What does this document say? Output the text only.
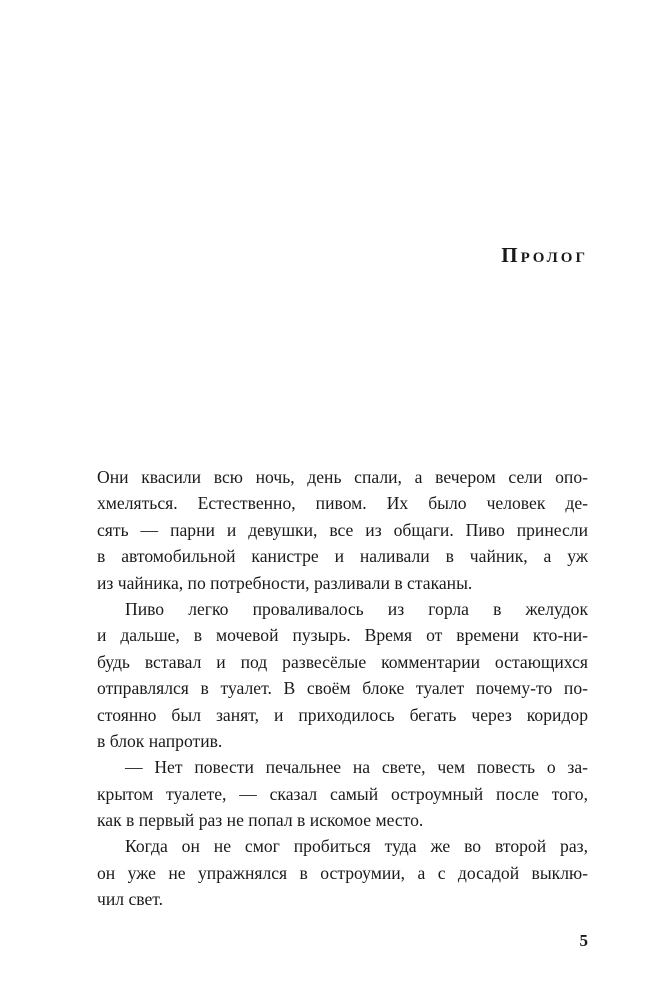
Пролог
Они квасили всю ночь, день спали, а вечером сели опо-
хмеляться. Естественно, пивом. Их было человек де-
сять — парни и девушки, все из общаги. Пиво принесли
в автомобильной канистре и наливали в чайник, а уж
из чайника, по потребности, разливали в стаканы.
Пиво легко проваливалось из горла в желудок
и дальше, в мочевой пузырь. Время от времени кто-ни-
будь вставал и под развесёлые комментарии остающихся
отправлялся в туалет. В своём блоке туалет почему-то по-
стоянно был занят, и приходилось бегать через коридор
в блок напротив.
— Нет повести печальнее на свете, чем повесть о за-
крытом туалете, — сказал самый остроумный после того,
как в первый раз не попал в искомое место.
Когда он не смог пробиться туда же во второй раз,
он уже не упражнялся в остроумии, а с досадой выклю-
чил свет.
5
